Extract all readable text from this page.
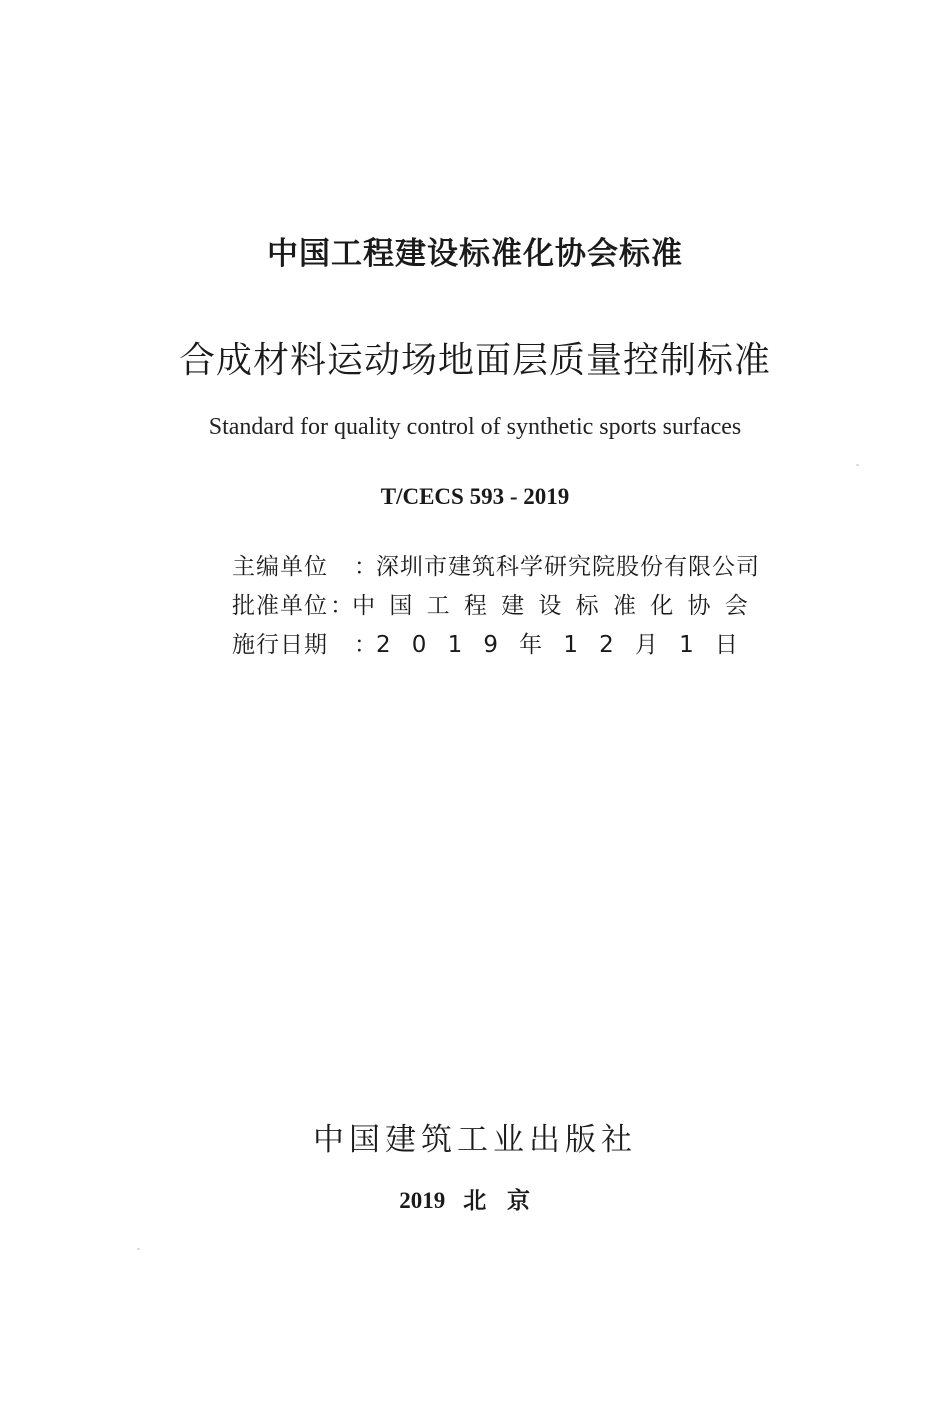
中国工程建设标准化协会标准
合成材料运动场地面层质量控制标准
Standard for quality control of synthetic sports surfaces
T/CECS 593 - 2019
主编单位	： 深圳市建筑科学研究院股份有限公司
批准单位 ： 中国工程建设标准化协会
施行日期	： 2019年12月1日
中国建筑工业出版社
2019 北京
